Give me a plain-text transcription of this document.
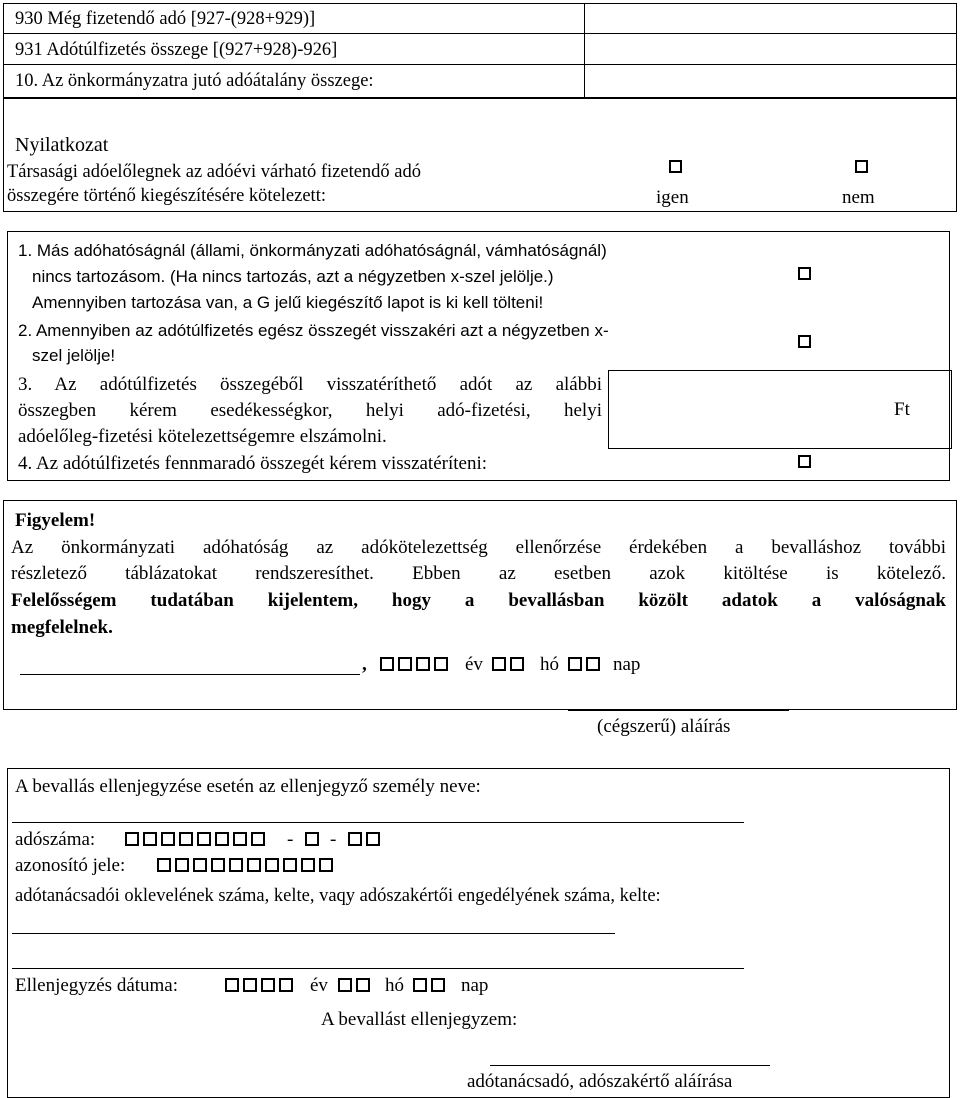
930 Még fizetendő adó [927-(928+929)]
931 Adótúlfizetés összege [(927+928)-926]
10. Az önkormányzatra jutó adóátalány összege:
Nyilatkozat
Társasági adóelőlegnek az adóévi várható fizetendő adó
összegére történő kiegészítésére kötelezett:	igen	nem
1. Más adóhatóságnál (állami, önkormányzati adóhatóságnál, vámhatóságnál)
nincs tartozásom. (Ha nincs tartozás, azt a négyzetben x-szel jelölje.)
Amennyiben tartozása van, a G jelű kiegészítő lapot is ki kell tölteni!
2. Amennyiben az adótúlfizetés egész összegét visszakéri azt a négyzetben x-
szel jelölje!
3. Az adótúlfizetés összegéből visszatéríthető adót az alábbi
összegben kérem esedékességkor, helyi adó-fizetési, helyi
adóelőleg-fizetési kötelezettségemre elszámolni.
Ft
4. Az adótúlfizetés fennmaradó összegét kérem visszatéríteni:
Figyelem!
Az önkormányzati adóhatóság az adókötelezettség ellenőrzése érdekében a bevalláshoz további
részletező táblázatokat rendszeresíthet. Ebben az esetben azok kitöltése is kötelező.
Felelősségem tudatában kijelentem, hogy a bevallásban közölt adatok a valóságnak
megfelelnek.
,	év	hó	nap
(cégszerű) aláírás
A bevallás ellenjegyzése esetén az ellenjegyző személy neve:
adószáma:	- -
azonosító jele:
adótanácsadói oklevelének száma, kelte, vaqy adószakértői engedélyének száma, kelte:
Ellenjegyzés dátuma:	év	hó	nap
A bevallást ellenjegyzem:
adótanácsadó, adószakértő aláírása
